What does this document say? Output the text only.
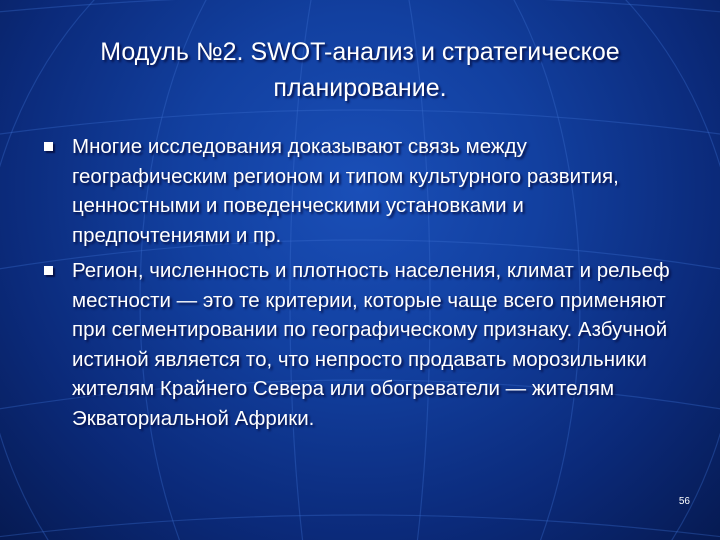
Модуль №2. SWOT-анализ и стратегическое планирование.
Многие исследования доказывают связь между географическим регионом и типом культурного развития, ценностными и поведенческими установками и предпочтениями и пр.
Регион, численность и плотность населения, климат и рельеф местности — это те критерии, которые чаще всего применяют при сегментировании по географическому признаку. Азбучной истиной является то, что непросто продавать морозильники жителям Крайнего Севера или обогреватели — жителям Экваториальной Африки.
56
